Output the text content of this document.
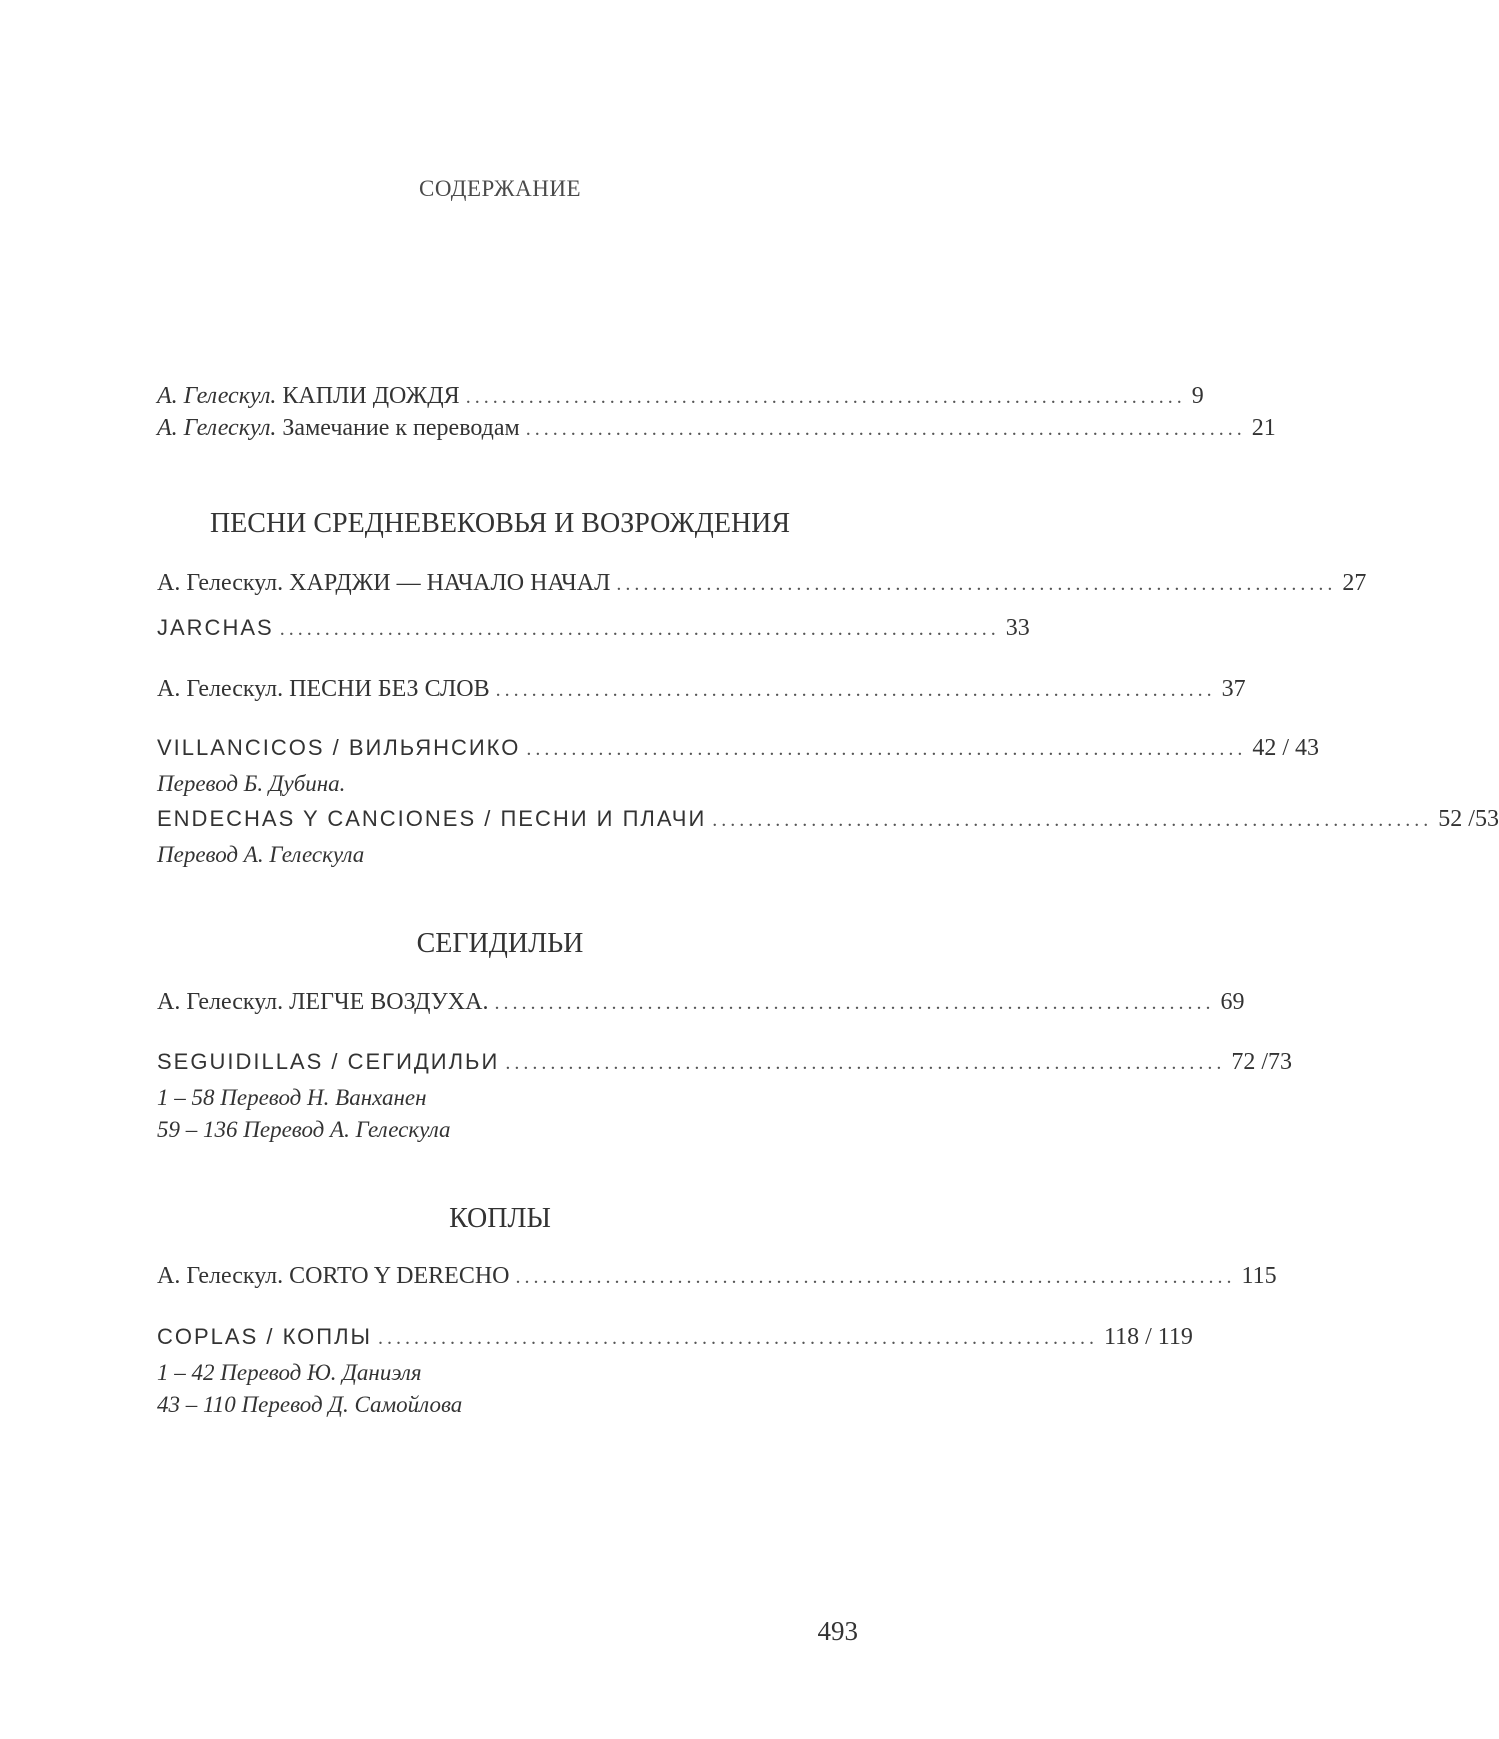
СОДЕРЖАНИЕ
А. Гелескул. КАПЛИ ДОЖДЯ ................................................................................ 9
А. Гелескул. Замечание к переводам ................................................................................ 21
ПЕСНИ СРЕДНЕВЕКОВЬЯ И ВОЗРОЖДЕНИЯ
А. Гелескул. ХАРДЖИ — НАЧАЛО НАЧАЛ ................................................................................ 27
JARCHAS ................................................................................ 33
А. Гелескул. ПЕСНИ БЕЗ СЛОВ ................................................................................ 37
VILLANCICOS / ВИЛЬЯНСИКО ................................................................................ 42 / 43
Перевод Б. Дубина.
ENDECHAS Y CANCIONES / ПЕСНИ И ПЛАЧИ ................................................................................ 52 /53
Перевод А. Гелескула
СЕГИДИЛЬИ
А. Гелескул. ЛЕГЧЕ ВОЗДУХА. ................................................................................ 69
SEGUIDILLAS / СЕГИДИЛЬИ ................................................................................ 72 /73
1 – 58 Перевод Н. Ванханен
59 – 136 Перевод А. Гелескула
КОПЛЫ
А. Гелескул. CORTO Y DERECHO ................................................................................ 115
COPLAS / КОПЛЫ ................................................................................ 118 / 119
1 – 42 Перевод Ю. Даниэля
43 – 110 Перевод Д. Самойлова
493
